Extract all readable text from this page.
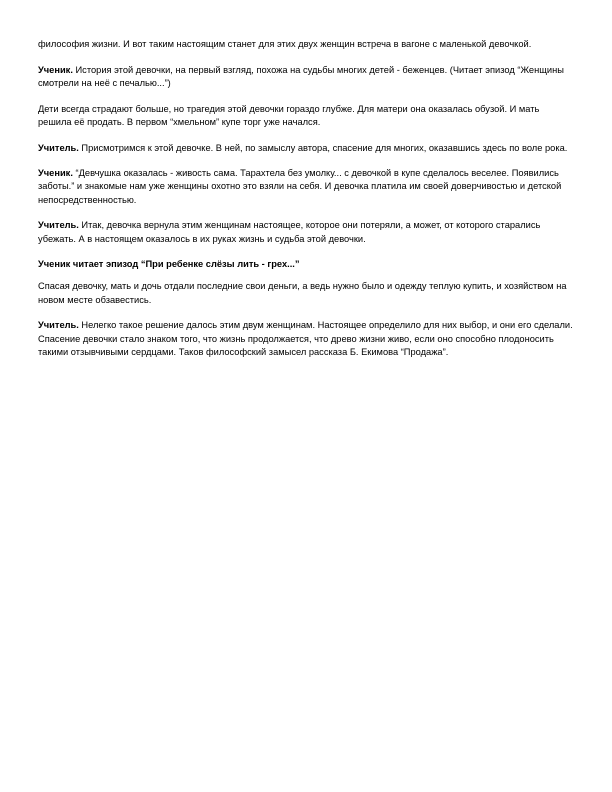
философия жизни. И вот таким настоящим станет для этих двух женщин встреча в вагоне с маленькой девочкой.

Ученик. История этой девочки, на первый взгляд, похожа на судьбы многих детей - беженцев. (Читает эпизод “Женщины смотрели на неё с печалью...”)

Дети всегда страдают больше, но трагедия этой девочки гораздо глубже. Для матери она оказалась обузой. И мать решила её продать. В первом “хмельном” купе торг уже начался.

Учитель. Присмотримся к этой девочке. В ней, по замыслу автора, спасение для многих, оказавшись здесь по воле рока.

Ученик. “Девчушка оказалась - живость сама. Тарахтела без умолку... с девочкой в купе сделалось веселее. Появились заботы.” и знакомые нам уже женщины охотно это взяли на себя. И девочка платила им своей доверчивостью и детской непосредственностью.

Учитель. Итак, девочка вернула этим женщинам настоящее, которое они потеряли, а может, от которого старались убежать. А в настоящем оказалось в их руках жизнь и судьба этой девочки.

Ученик читает эпизод “При ребенке слёзы лить - грех...”

Спасая девочку, мать и дочь отдали последние свои деньги, а ведь нужно было и одежду теплую купить, и хозяйством на новом месте обзавестись.

Учитель. Нелегко такое решение далось этим двум женщинам. Настоящее определило для них выбор, и они его сделали. Спасение девочки стало знаком того, что жизнь продолжается, что древо жизни живо, если оно способно плодоносить такими отзывчивыми сердцами. Таков философский замысел рассказа Б. Екимова “Продажа”.
